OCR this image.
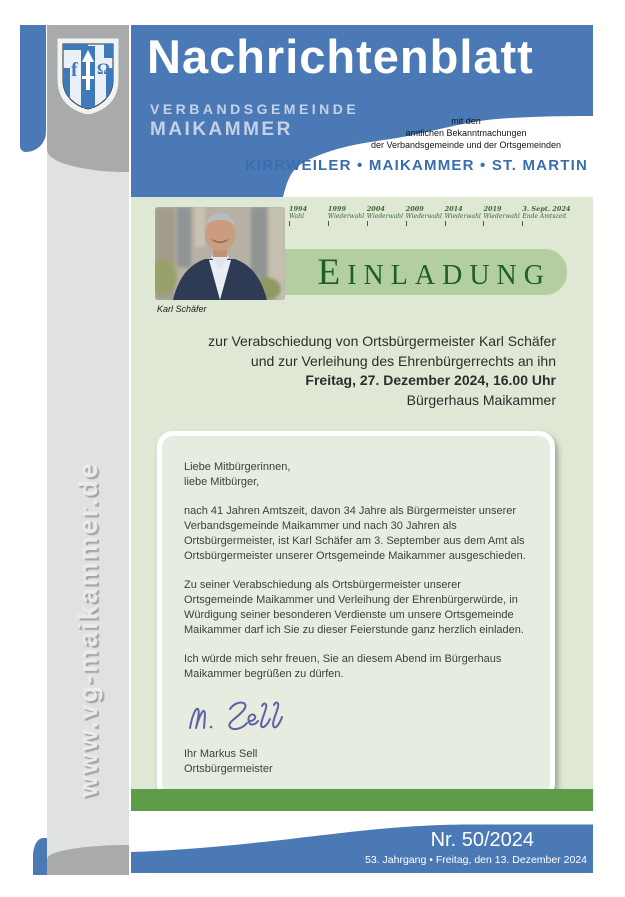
f Ω
www.vg-maikammer.de
Nachrichtenblatt
VERBANDSGEMEINDE
MAIKAMMER	mit den
amtlichen Bekanntmachungen
der Verbandsgemeinde und der Ortsgemeinden
KIRRWEILER • MAIKAMMER • ST. MARTIN
1994
Wahl
1999
Wiederwahl
2004
Wiederwahl
2009
Wiederwahl
2014
Wiederwahl
2019
Wiederwahl
3. Sept. 2024
Ende Amtszeit
EINLADUNG
Karl Schäfer
zur Verabschiedung von Ortsbürgermeister Karl Schäfer
und zur Verleihung des Ehrenbürgerrechts an ihn
Freitag, 27. Dezember 2024, 16.00 Uhr
Bürgerhaus Maikammer

Liebe Mitbürgerinnen,
liebe Mitbürger,

nach 41 Jahren Amtszeit, davon 34 Jahre als Bürgermeister unserer Verbandsgemeinde Maikammer und nach 30 Jahren als Ortsbürgermeister, ist Karl Schäfer am 3. September aus dem Amt als Ortsbürgermeister unserer Ortsgemeinde Maikammer ausgeschieden.

Zu seiner Verabschiedung als Ortsbürgermeister unserer Ortsgemeinde Maikammer und Verleihung der Ehrenbürgerwürde, in Würdigung seiner besonderen Verdienste um unsere Ortsgemeinde Maikammer darf ich Sie zu dieser Feierstunde ganz herzlich einladen.

Ich würde mich sehr freuen, Sie an diesem Abend im Bürgerhaus Maikammer begrüßen zu dürfen.

Ihr Markus Sell
Ortsbürgermeister
Nr. 50/2024
53. Jahrgang • Freitag, den 13. Dezember 2024
